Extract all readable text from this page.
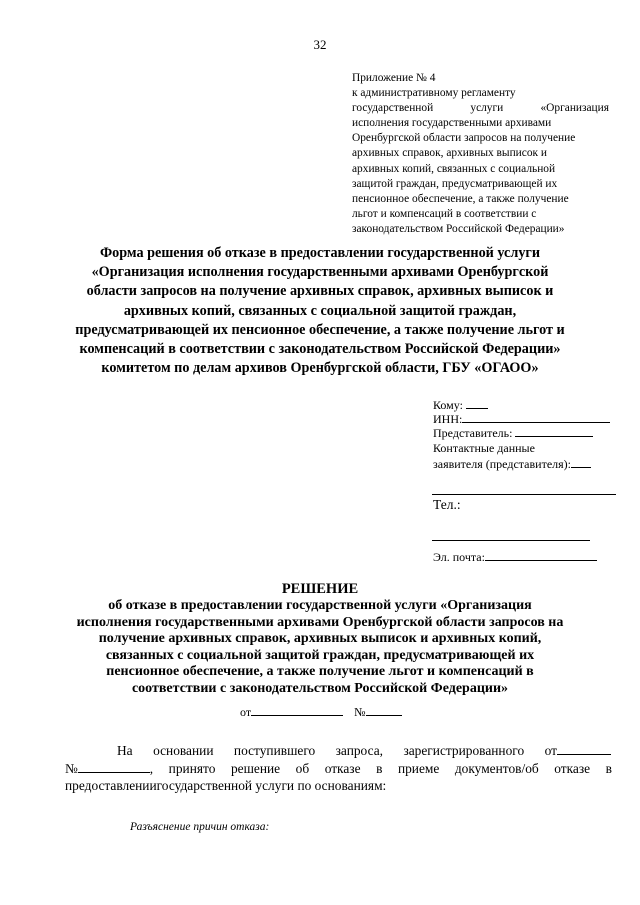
32
Приложение № 4
к административному регламенту
государственной	услуги	«Организация
исполнения государственными архивами
Оренбургской области запросов на получение
архивных справок, архивных выписок и
архивных копий, связанных с социальной
защитой граждан, предусматривающей их
пенсионное обеспечение, а также получение
льгот и компенсаций в соответствии с
законодательством Российской Федерации»
Форма решения об отказе в предоставлении государственной услуги
«Организация исполнения государственными архивами Оренбургской
области запросов на получение архивных справок, архивных выписок и
архивных копий, связанных с социальной защитой граждан,
предусматривающей их пенсионное обеспечение, а также получение льгот и
компенсаций в соответствии с законодательством Российской Федерации»
комитетом по делам архивов Оренбургской области, ГБУ «ОГАОО»
Кому:
ИНН:
Представитель:
Контактные данные
заявителя (представителя):
Тел.:
Эл. почта:
РЕШЕНИЕ
об отказе в предоставлении государственной услуги «Организация
исполнения государственными архивами Оренбургской области запросов на
получение архивных справок, архивных выписок и архивных копий,
связанных с социальной защитой граждан, предусматривающей их
пенсионное обеспечение, а также получение льгот и компенсаций в
соответствии с законодательством Российской Федерации»
от	№
На основании поступившего запроса, зарегистрированного от
№	, принято решение об отказе в приеме документов/об отказе в
предоставлениигосударственной услуги по основаниям:
Разъяснение причин отказа:
